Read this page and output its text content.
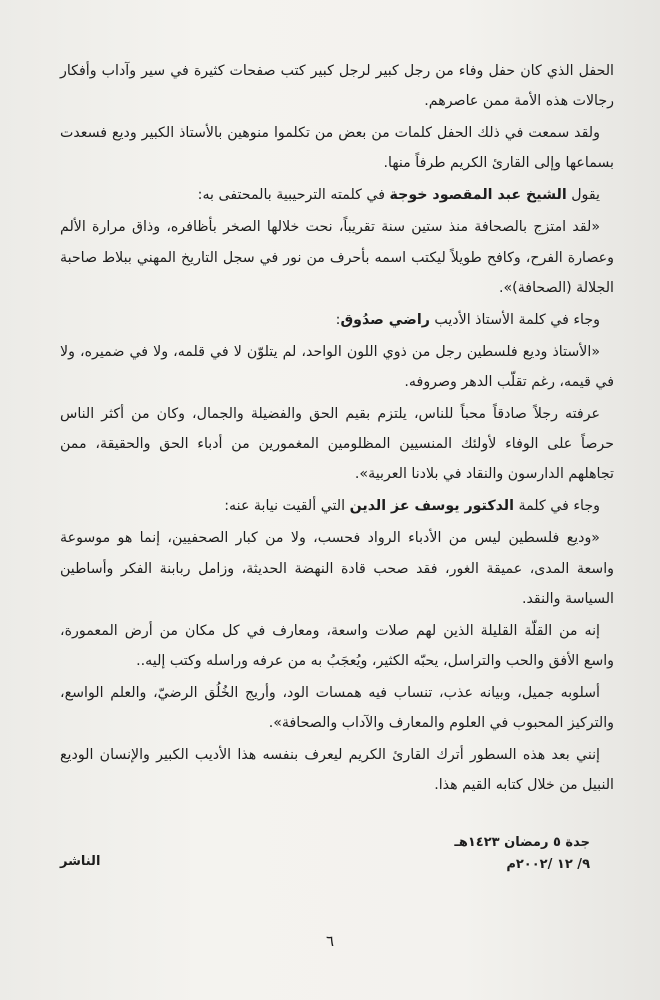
الحفل الذي كان حفل وفاء من رجل كبير لرجل كبير كتب صفحات كثيرة في سير وآداب وأفكار رجالات هذه الأمة ممن عاصرهم.

ولقد سمعت في ذلك الحفل كلمات من بعض من تكلموا منوهين بالأستاذ الكبير وديع فسعدت بسماعها وإلى القارئ الكريم طرفاً منها.

يقول الشيخ عبد المقصود خوجة في كلمته الترحيبية بالمحتفى به:

«لقد امتزج بالصحافة منذ ستين سنة تقريباً، نحت خلالها الصخر بأظافره، وذاق مرارة الألم وعصارة الفرح، وكافح طويلاً ليكتب اسمه بأحرف من نور في سجل التاريخ المهني ببلاط صاحبة الجلالة (الصحافة)».

وجاء في كلمة الأستاذ الأديب راضي صدُوق:

«الأستاذ وديع فلسطين رجل من ذوي اللون الواحد، لم يتلوّن لا في قلمه، ولا في ضميره، ولا في قيمه، رغم تقلّب الدهر وصروفه.

عرفته رجلاً صادقاً محباً للناس، يلتزم بقيم الحق والفضيلة والجمال، وكان من أكثر الناس حرصاً على الوفاء لأولئك المنسيين المظلومين المغمورين من أدباء الحق والحقيقة، ممن تجاهلهم الدارسون والنقاد في بلادنا العربية».

وجاء في كلمة الدكتور يوسف عز الدين التي ألقيت نيابة عنه:

«وديع فلسطين ليس من الأدباء الرواد فحسب، ولا من كبار الصحفيين، إنما هو موسوعة واسعة المدى، عميقة الغور، فقد صحب قادة النهضة الحديثة، وزامل ربابنة الفكر وأساطين السياسة والنقد.

إنه من القلّة القليلة الذين لهم صلات واسعة، ومعارف في كل مكان من أرض المعمورة، واسع الأفق والحب والتراسل، يحبّه الكثير، ويُعجَبُ به من عرفه وراسله وكتب إليه..

أسلوبه جميل، وبيانه عذب، تنساب فيه همسات الود، وأريج الخُلُق الرضيّ، والعلم الواسع، والتركيز المحبوب في العلوم والمعارف والآداب والصحافة».

إنني بعد هذه السطور أترك القارئ الكريم ليعرف بنفسه هذا الأديب الكبير والإنسان الوديع النبيل من خلال كتابه القيم هذا.

جدة ٥ رمضان ١٤٢٣هـ
٩/ ١٢ /٢٠٠٢م
الناشر
٦
